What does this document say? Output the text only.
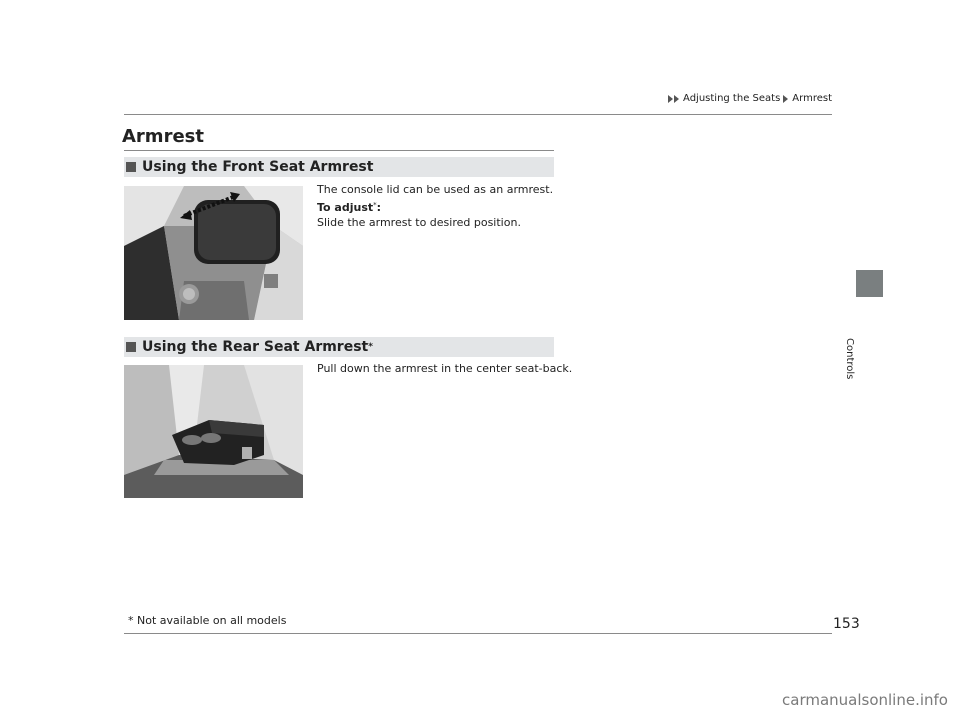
Adjusting the Seats Armrest
Armrest
Using the Front Seat Armrest
The console lid can be used as an armrest.
To adjust*:
Slide the armrest to desired position.
Using the Rear Seat Armrest *
Pull down the armrest in the center seat-back.	Controls
* Not available on all models	153
carmanualsonline.info
